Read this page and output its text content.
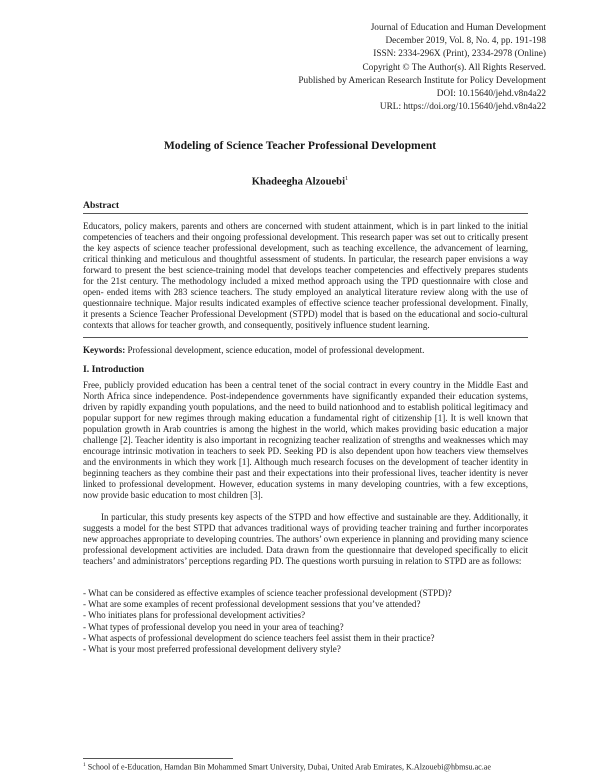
Journal of Education and Human Development
December 2019, Vol. 8, No. 4, pp. 191-198
ISSN: 2334-296X (Print), 2334-2978 (Online)
Copyright © The Author(s). All Rights Reserved.
Published by American Research Institute for Policy Development
DOI: 10.15640/jehd.v8n4a22
URL: https://doi.org/10.15640/jehd.v8n4a22
Modeling of Science Teacher Professional Development
Khadeegha Alzouebi$^1$
Abstract
Educators, policy makers, parents and others are concerned with student attainment, which is in part linked to the initial competencies of teachers and their ongoing professional development. This research paper was set out to critically present the key aspects of science teacher professional development, such as teaching excellence, the advancement of learning, critical thinking and meticulous and thoughtful assessment of students. In particular, the research paper envisions a way forward to present the best science-training model that develops teacher competencies and effectively prepares students for the 21st century. The methodology included a mixed method approach using the TPD questionnaire with close and open- ended items with 283 science teachers. The study employed an analytical literature review along with the use of questionnaire technique. Major results indicated examples of effective science teacher professional development. Finally, it presents a Science Teacher Professional Development (STPD) model that is based on the educational and socio-cultural contexts that allows for teacher growth, and consequently, positively influence student learning.
Keywords: Professional development, science education, model of professional development.
I. Introduction
Free, publicly provided education has been a central tenet of the social contract in every country in the Middle East and North Africa since independence. Post-independence governments have significantly expanded their education systems, driven by rapidly expanding youth populations, and the need to build nationhood and to establish political legitimacy and popular support for new regimes through making education a fundamental right of citizenship [1]. It is well known that population growth in Arab countries is among the highest in the world, which makes providing basic education a major challenge [2]. Teacher identity is also important in recognizing teacher realization of strengths and weaknesses which may encourage intrinsic motivation in teachers to seek PD. Seeking PD is also dependent upon how teachers view themselves and the environments in which they work [1]. Although much research focuses on the development of teacher identity in beginning teachers as they combine their past and their expectations into their professional lives, teacher identity is never linked to professional development. However, education systems in many developing countries, with a few exceptions, now provide basic education to most children [3].
In particular, this study presents key aspects of the STPD and how effective and sustainable are they. Additionally, it suggests a model for the best STPD that advances traditional ways of providing teacher training and further incorporates new approaches appropriate to developing countries. The authors’ own experience in planning and providing many science professional development activities are included. Data drawn from the questionnaire that developed specifically to elicit teachers’ and administrators’ perceptions regarding PD. The questions worth pursuing in relation to STPD are as follows:
- What can be considered as effective examples of science teacher professional development (STPD)?
- What are some examples of recent professional development sessions that you’ve attended?
- Who initiates plans for professional development activities?
- What types of professional develop you need in your area of teaching?
- What aspects of professional development do science teachers feel assist them in their practice?
- What is your most preferred professional development delivery style?
$^1$ School of e-Education, Hamdan Bin Mohammed Smart University, Dubai, United Arab Emirates, K.Alzouebi@hbmsu.ac.ae
